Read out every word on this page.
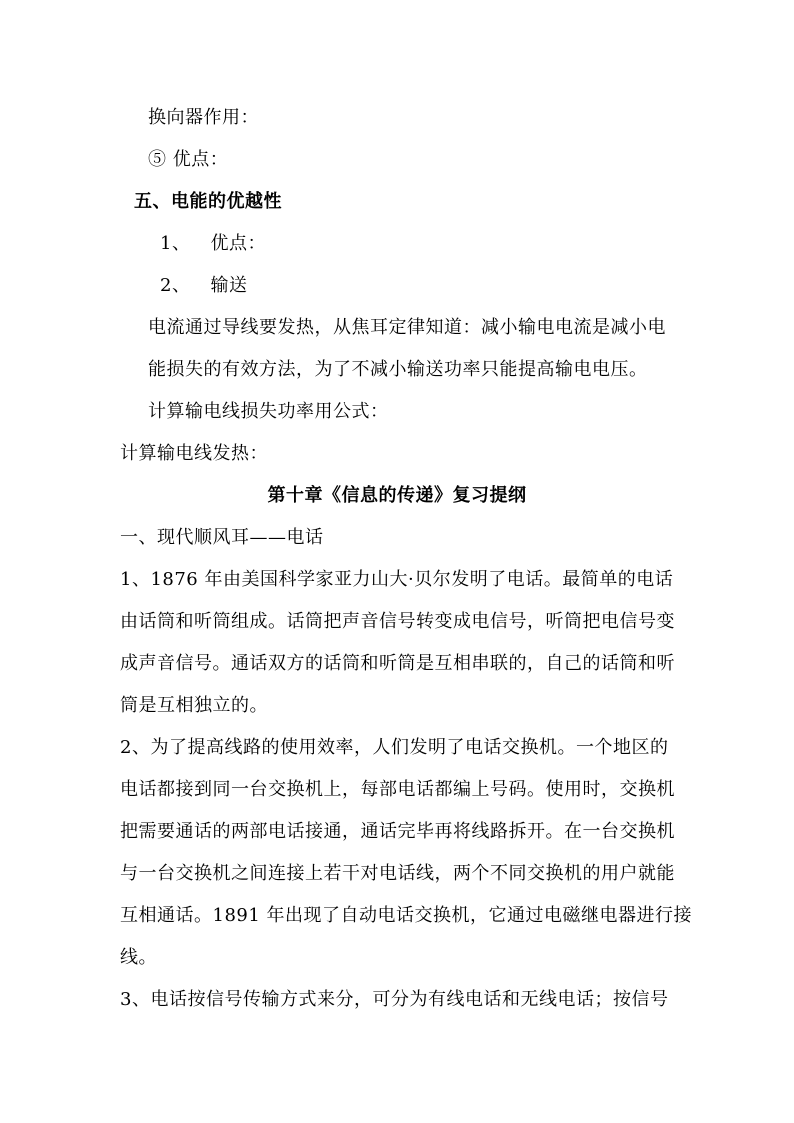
换向器作用：
⑤ 优点：
五、电能的优越性
1、 优点：
2、 输送
电流通过导线要发热，从焦耳定律知道：减小输电电流是减小电
能损失的有效方法，为了不减小输送功率只能提高输电电压。
计算输电线损失功率用公式：
计算输电线发热：
第十章《信息的传递》复习提纲
一、现代顺风耳——电话
1、1876 年由美国科学家亚力山大·贝尔发明了电话。最简单的电话
由话筒和听筒组成。话筒把声音信号转变成电信号，听筒把电信号变
成声音信号。通话双方的话筒和听筒是互相串联的，自己的话筒和听
筒是互相独立的。
2、为了提高线路的使用效率，人们发明了电话交换机。一个地区的
电话都接到同一台交换机上，每部电话都编上号码。使用时，交换机
把需要通话的两部电话接通，通话完毕再将线路拆开。在一台交换机
与一台交换机之间连接上若干对电话线，两个不同交换机的用户就能
互相通话。1891 年出现了自动电话交换机，它通过电磁继电器进行接
线。
3、电话按信号传输方式来分，可分为有线电话和无线电话；按信号
